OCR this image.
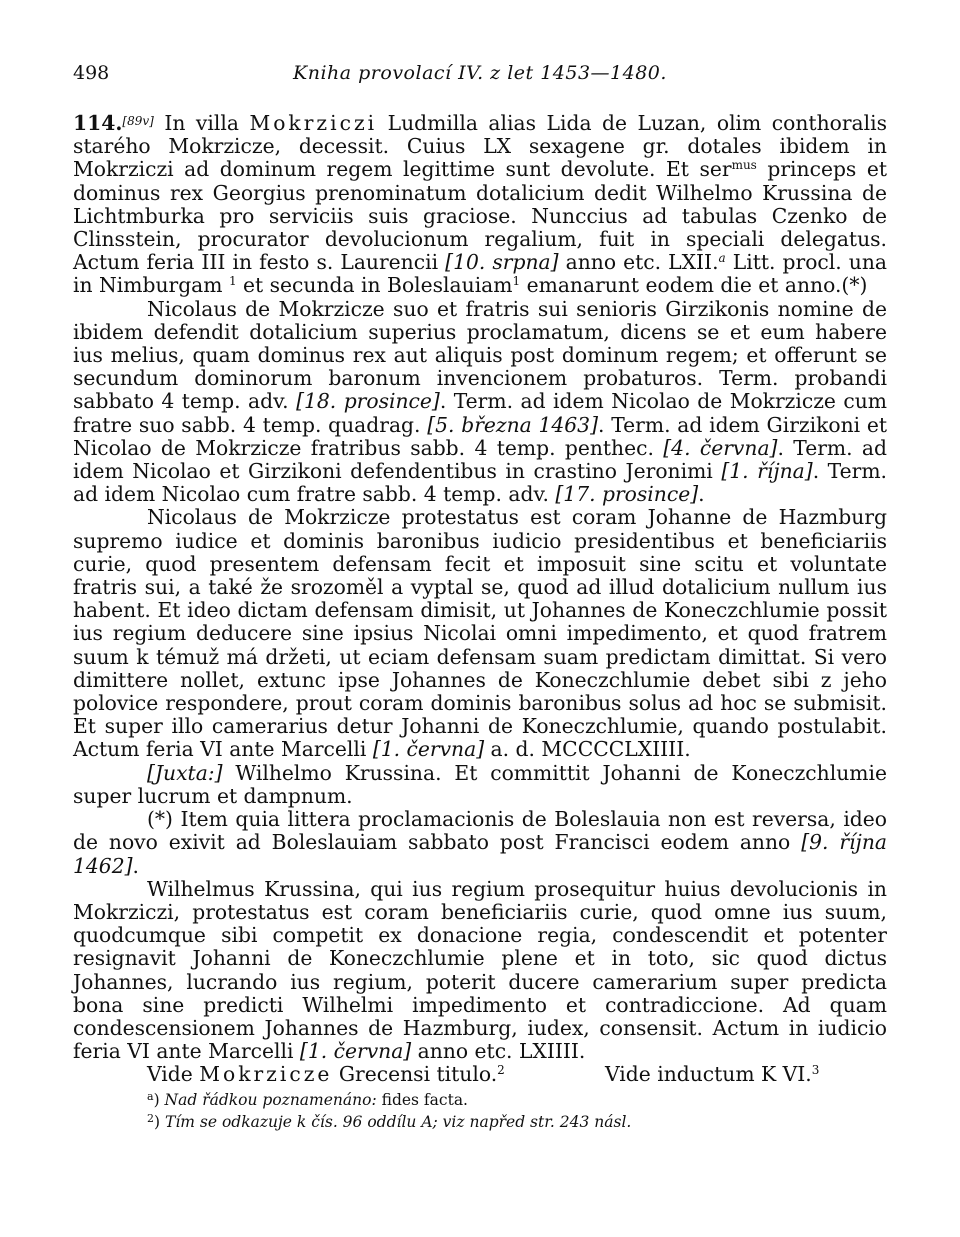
498	Kniha provolací IV. z let 1453—1480.

114.[89v] In villa Mokrziczi Ludmilla alias Lida de Luzan, olim conthoralis starého Mokrzicze, decessit. Cuius LX sexagene gr. dotales ibidem in Mokrziczi ad dominum regem legittime sunt devolute. Et ser$^{mus}$ princeps et dominus rex Georgius prenominatum dotalicium dedit Wilhelmo Krussina de Lichtmburka pro serviciis suis graciose. Nunccius ad tabulas Czenko de Clinsstein, procurator devolucionum regalium, fuit in speciali delegatus. Actum feria III in festo s. Laurencii [10. srpna] anno etc. LXII.$^a$ Litt. procl. una in Nimburgam $^1$ et secunda in Boleslauiam$^1$ emanarunt eodem die et anno.(*)

Nicolaus de Mokrzicze suo et fratris sui senioris Girzikonis nomine de ibidem defendit dotalicium superius proclamatum, dicens se et eum habere ius melius, quam dominus rex aut aliquis post dominum regem; et offerunt se secundum dominorum baronum invencionem probaturos. Term. probandi sabbato 4 temp. adv. [18. prosince]. Term. ad idem Nicolao de Mokrzicze cum fratre suo sabb. 4 temp. quadrag. [5. března 1463]. Term. ad idem Girzikoni et Nicolao de Mokrzicze fratribus sabb. 4 temp. penthec. [4. června]. Term. ad idem Nicolao et Girzikoni defendentibus in crastino Jeronimi [1. října]. Term. ad idem Nicolao cum fratre sabb. 4 temp. adv. [17. prosince].

Nicolaus de Mokrzicze protestatus est coram Johanne de Hazmburg supremo iudice et dominis baronibus iudicio presidentibus et beneficiariis curie, quod presentem defensam fecit et imposuit sine scitu et voluntate fratris sui, a také že srozoměl a vyptal se, quod ad illud dotalicium nullum ius habent. Et ideo dictam defensam dimisit, ut Johannes de Koneczchlumie possit ius regium deducere sine ipsius Nicolai omni impedimento, et quod fratrem suum k témuž má držeti, ut eciam defensam suam predictam dimittat. Si vero dimittere nollet, extunc ipse Johannes de Koneczchlumie debet sibi z jeho polovice respondere, prout coram dominis baronibus solus ad hoc se submisit. Et super illo camerarius detur Johanni de Koneczchlumie, quando postulabit. Actum feria VI ante Marcelli [1. června] a. d. MCCCCLXIIII.

[Juxta:] Wilhelmo Krussina. Et committit Johanni de Koneczchlumie super lucrum et dampnum.

(*) Item quia littera proclamacionis de Boleslauia non est reversa, ideo de novo exivit ad Boleslauiam sabbato post Francisci eodem anno [9. října 1462].

Wilhelmus Krussina, qui ius regium prosequitur huius devolucionis in Mokrziczi, protestatus est coram beneficiariis curie, quod omne ius suum, quodcumque sibi competit ex donacione regia, condescendit et potenter resignavit Johanni de Koneczchlumie plene et in toto, sic quod dictus Johannes, lucrando ius regium, poterit ducere camerarium super predicta bona sine predicti Wilhelmi impedimento et contradiccione. Ad quam condescensionem Johannes de Hazmburg, iudex, consensit. Actum in iudicio feria VI ante Marcelli [1. června] anno etc. LXIIII.

Vide Mokrzicze Grecensi titulo.$^2$	Vide inductum K VI.$^3$

$^a$) Nad řádkou poznamenáno: fides facta.

$^2$) Tím se odkazuje k čís. 96 oddílu A; viz napřed str. 243 násl.
